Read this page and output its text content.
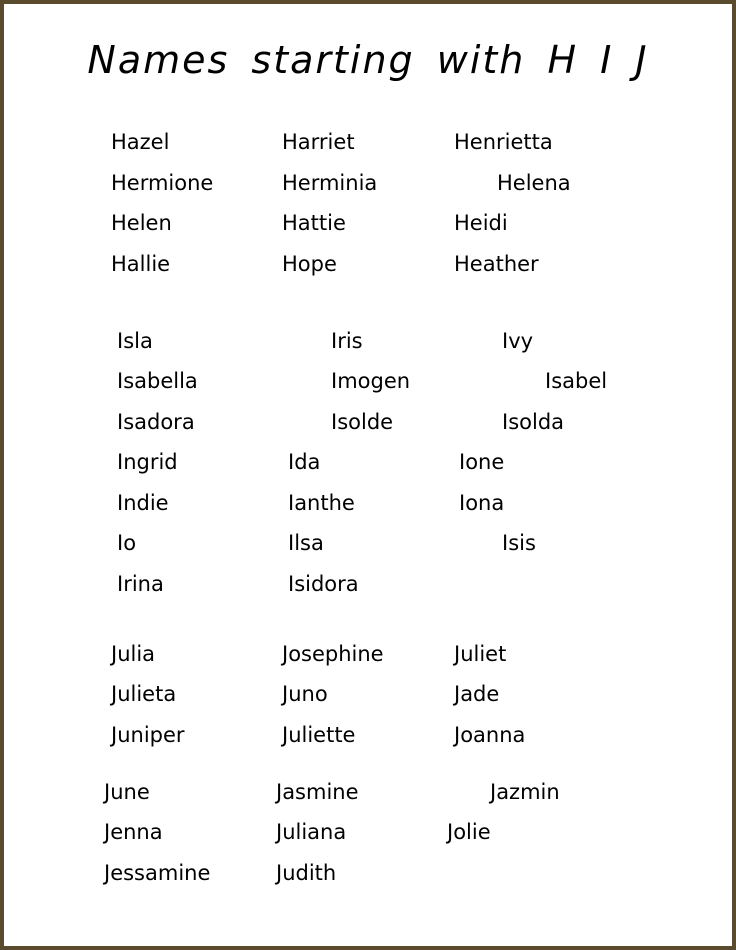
Names starting with H I J
Hazel	Harriet	Henrietta
Hermione	Herminia	Helena
Helen	Hattie	Heidi
Hallie	Hope	Heather
Isla	Iris	Ivy
Isabella	Imogen	Isabel
Isadora	Isolde	Isolda
Ingrid	Ida	Ione
Indie	Ianthe	Iona
Io	Ilsa	Isis
Irina	Isidora
Julia	Josephine	Juliet
Julieta	Juno	Jade
Juniper	Juliette	Joanna
June	Jasmine	Jazmin
Jenna	Juliana	Jolie
Jessamine	Judith
